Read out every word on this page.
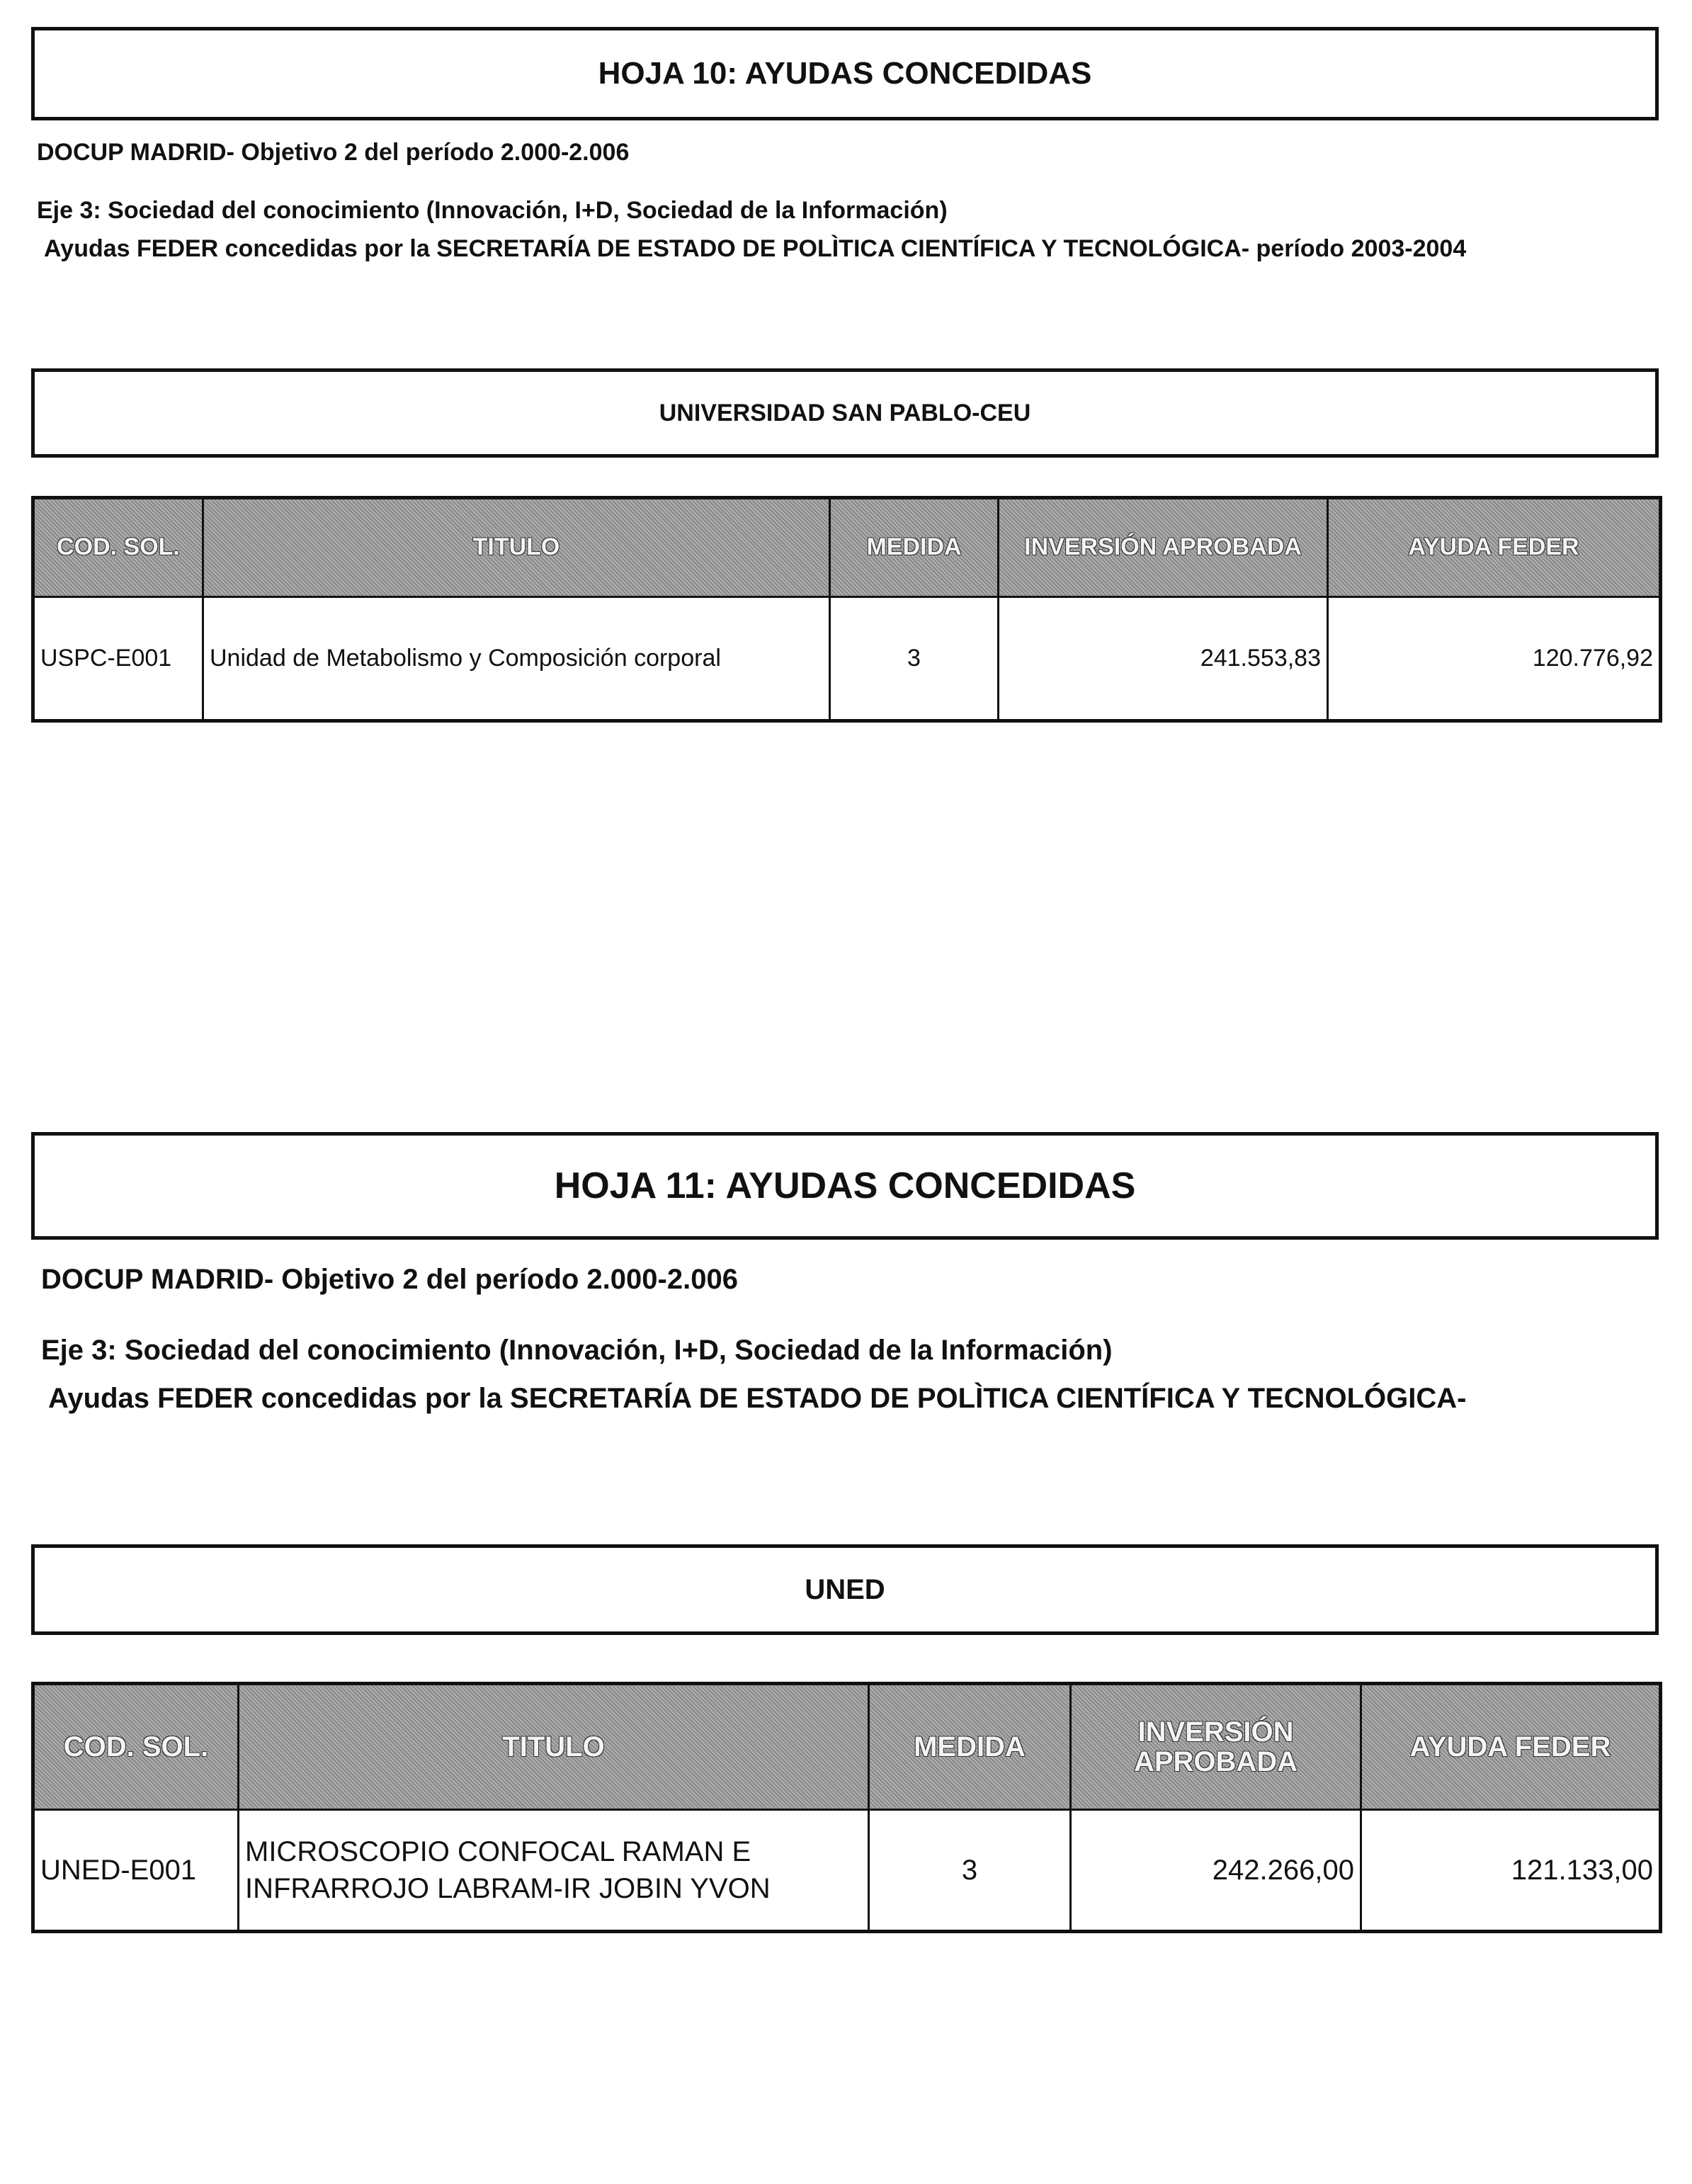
HOJA 10: AYUDAS CONCEDIDAS
DOCUP MADRID- Objetivo 2 del período 2.000-2.006
Eje 3: Sociedad del conocimiento (Innovación, I+D, Sociedad de la Información)
Ayudas FEDER concedidas por la SECRETARÍA DE ESTADO DE POLÌTICA CIENTÍFICA Y TECNOLÓGICA- período 2003-2004
UNIVERSIDAD SAN PABLO-CEU
COD. SOL.	TITULO	MEDIDA	INVERSIÓN APROBADA	AYUDA FEDER
USPC-E001	Unidad de Metabolismo y Composición corporal	3	241.553,83	120.776,92
HOJA 11: AYUDAS CONCEDIDAS
DOCUP MADRID- Objetivo 2 del período 2.000-2.006
Eje 3: Sociedad del conocimiento (Innovación, I+D, Sociedad de la Información)
Ayudas FEDER concedidas por la SECRETARÍA DE ESTADO DE POLÌTICA CIENTÍFICA Y TECNOLÓGICA-
UNED
COD. SOL.	TITULO	MEDIDA	INVERSIÓN APROBADA	AYUDA FEDER
UNED-E001	MICROSCOPIO CONFOCAL RAMAN E
INFRARROJO LABRAM-IR JOBIN YVON	3	242.266,00	121.133,00
